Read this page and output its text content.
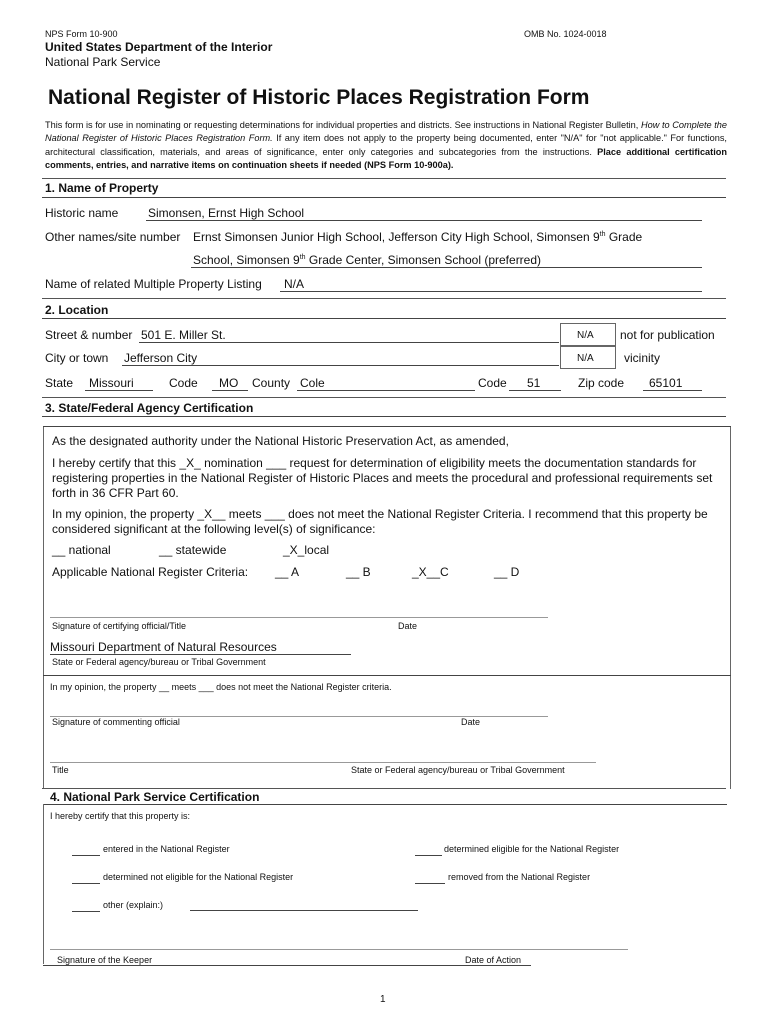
NPS Form 10-900	OMB No. 1024-0018
United States Department of the Interior
National Park Service
National Register of Historic Places Registration Form
This form is for use in nominating or requesting determinations for individual properties and districts. See instructions in National Register Bulletin, How to Complete the National Register of Historic Places Registration Form. If any item does not apply to the property being documented, enter "N/A" for "not applicable." For functions, architectural classification, materials, and areas of significance, enter only categories and subcategories from the instructions. Place additional certification comments, entries, and narrative items on continuation sheets if needed (NPS Form 10-900a).
1. Name of Property
Historic name Simonsen, Ernst High School
Other names/site number Ernst Simonsen Junior High School, Jefferson City High School, Simonsen 9th Grade
School, Simonsen 9th Grade Center, Simonsen School (preferred)
Name of related Multiple Property Listing N/A
2. Location
Street & number 501 E. Miller St.	N/A not for publication
City or town Jefferson City	N/A	vicinity
State Missouri	Code MO County Cole	Code 51	Zip code 65101
3. State/Federal Agency Certification
As the designated authority under the National Historic Preservation Act, as amended,
I hereby certify that this _X_ nomination ___ request for determination of eligibility meets the documentation standards for registering properties in the National Register of Historic Places and meets the procedural and professional requirements set forth in 36 CFR Part 60.
In my opinion, the property _X__ meets ___ does not meet the National Register Criteria. I recommend that this property be considered significant at the following level(s) of significance:
__ national	__ statewide	_X_local
Applicable National Register Criteria: __ A	__ B	_X__C	__ D
Signature of certifying official/Title	Date
Missouri Department of Natural Resources
State or Federal agency/bureau or Tribal Government
In my opinion, the property __ meets ___ does not meet the National Register criteria.
Signature of commenting official	Date
Title	State or Federal agency/bureau or Tribal Government
4. National Park Service Certification
I hereby certify that this property is:
entered in the National Register	determined eligible for the National Register
determined not eligible for the National Register	removed from the National Register
other (explain:)
Signature of the Keeper	Date of Action
1
